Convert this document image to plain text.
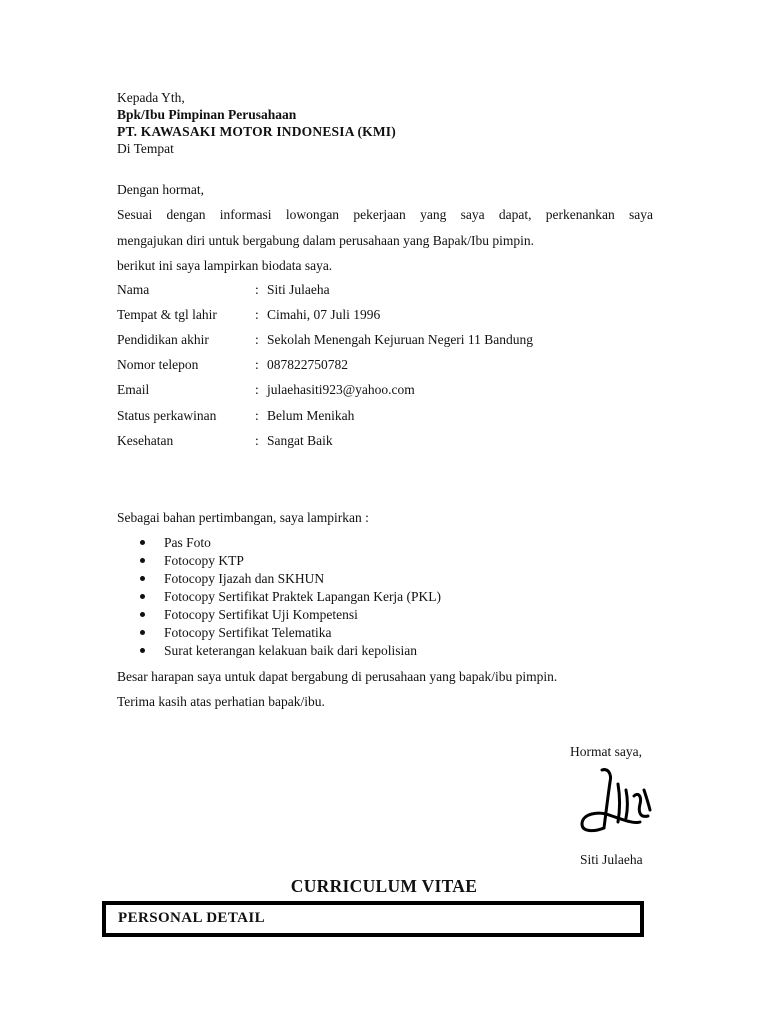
Kepada Yth,
Bpk/Ibu Pimpinan Perusahaan
PT. KAWASAKI MOTOR INDONESIA (KMI)
Di Tempat
Dengan hormat,
Sesuai dengan informasi lowongan pekerjaan yang saya dapat, perkenankan saya
mengajukan diri untuk bergabung dalam perusahaan yang Bapak/Ibu pimpin.
berikut ini saya lampirkan biodata saya.
Nama	: Siti Julaeha
Tempat & tgl lahir	: Cimahi, 07 Juli 1996
Pendidikan akhir	: Sekolah Menengah Kejuruan Negeri 11 Bandung
Nomor telepon	: 087822750782
Email	: julaehasiti923@yahoo.com
Status perkawinan	: Belum Menikah
Kesehatan	: Sangat Baik
Sebagai bahan pertimbangan, saya lampirkan :
Pas Foto
Fotocopy KTP
Fotocopy Ijazah dan SKHUN
Fotocopy Sertifikat Praktek Lapangan Kerja (PKL)
Fotocopy Sertifikat Uji Kompetensi
Fotocopy Sertifikat Telematika
Surat keterangan kelakuan baik dari kepolisian
Besar harapan saya untuk dapat bergabung di perusahaan yang bapak/ibu pimpin.
Terima kasih atas perhatian bapak/ibu.
Hormat saya,
Siti Julaeha
CURRICULUM VITAE
PERSONAL DETAIL
